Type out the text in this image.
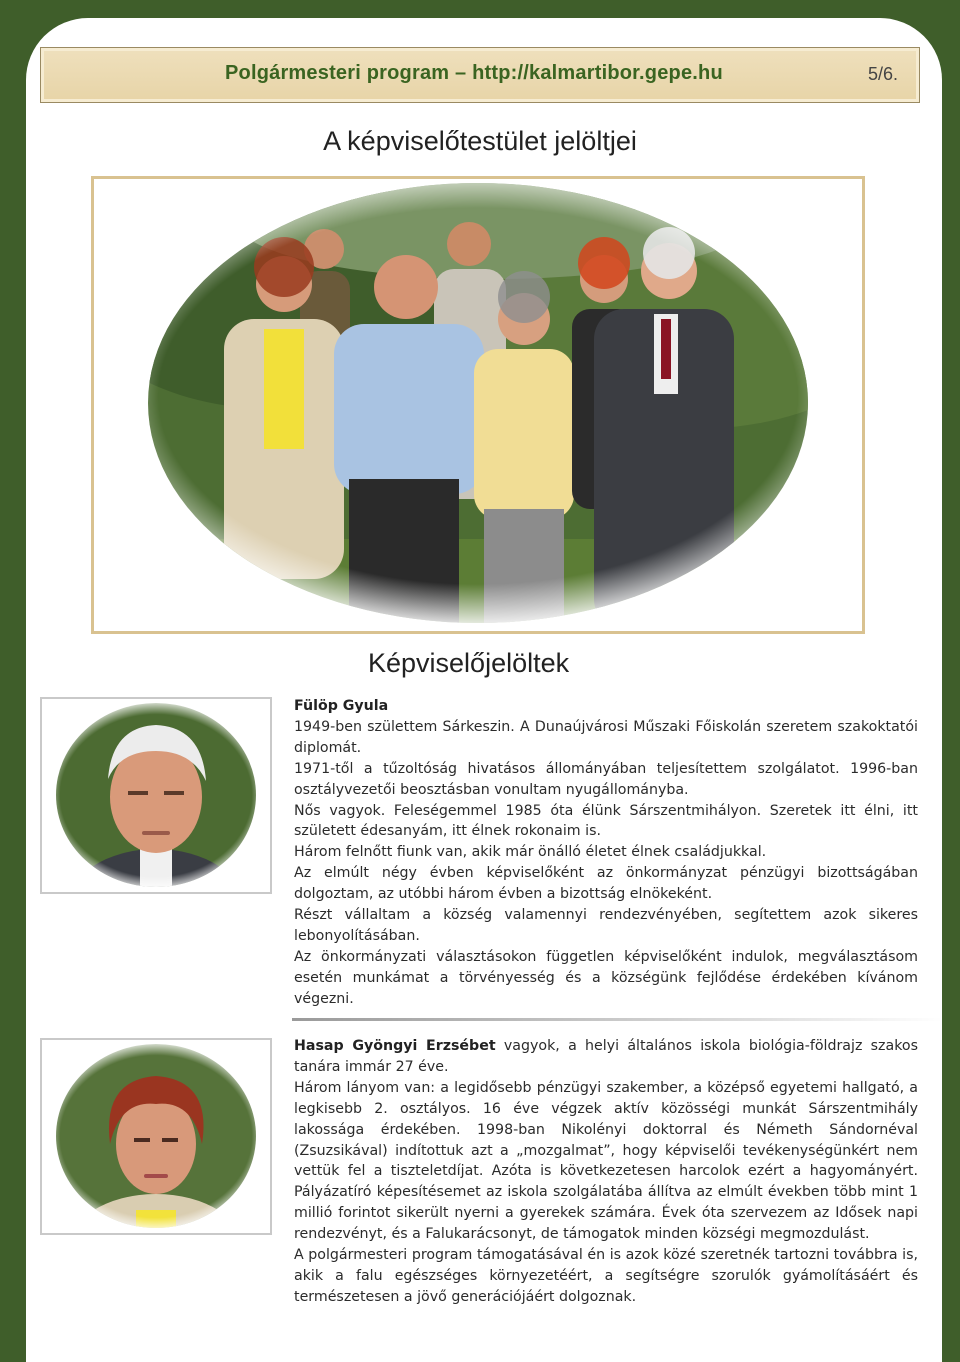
Polgármesteri program – http://kalmartibor.gepe.hu	5/6.
A képviselőtestület jelöltjei
Képviselőjelöltek

Fülöp Gyula

1949-ben születtem Sárkeszin. A Dunaújvárosi Műszaki Főiskolán szeretem szakoktatói diplomát.

1971-től a tűzoltóság hivatásos állományában teljesítettem szolgálatot. 1996-ban osztályvezetői beosztásban vonultam nyugállományba.

Nős vagyok. Feleségemmel 1985 óta élünk Sárszentmihályon. Szeretek itt élni, itt született édesanyám, itt élnek rokonaim is.

Három felnőtt fiunk van, akik már önálló életet élnek családjukkal.

Az elmúlt négy évben képviselőként az önkormányzat pénzügyi bizottságában dolgoztam, az utóbbi három évben a bizottság elnökeként.

Részt vállaltam a község valamennyi rendezvényében, segítettem azok sikeres lebonyolításában.

Az önkormányzati választásokon független képviselőként indulok, megválasztásom esetén munkámat a törvényesség és a községünk fejlődése érdekében kívánom végezni.

Hasap Gyöngyi Erzsébet vagyok, a helyi általános iskola biológia-földrajz szakos tanára immár 27 éve.

Három lányom van: a legidősebb pénzügyi szakember, a középső egyetemi hallgató, a legkisebb 2. osztályos. 16 éve végzek aktív közösségi munkát Sárszentmihály lakossága érdekében. 1998-ban Nikolényi doktorral és Németh Sándornéval (Zsuzsikával) indítottuk azt a „mozgalmat”, hogy képviselői tevékenységünkért nem vettük fel a tiszteletdíjat. Azóta is következetesen harcolok ezért a hagyományért. Pályázatíró képesítésemet az iskola szolgálatába állítva az elmúlt években több mint 1 millió forintot sikerült nyerni a gyerekek számára. Évek óta szervezem az Idősek napi rendezvényt, és a Falukarácsonyt, de támogatok minden községi megmozdulást.

A polgármesteri program támogatásával én is azok közé szeretnék tartozni továbbra is, akik a falu egészséges környezetéért, a segítségre szorulók gyámolításáért és természetesen a jövő generációjáért dolgoznak.
